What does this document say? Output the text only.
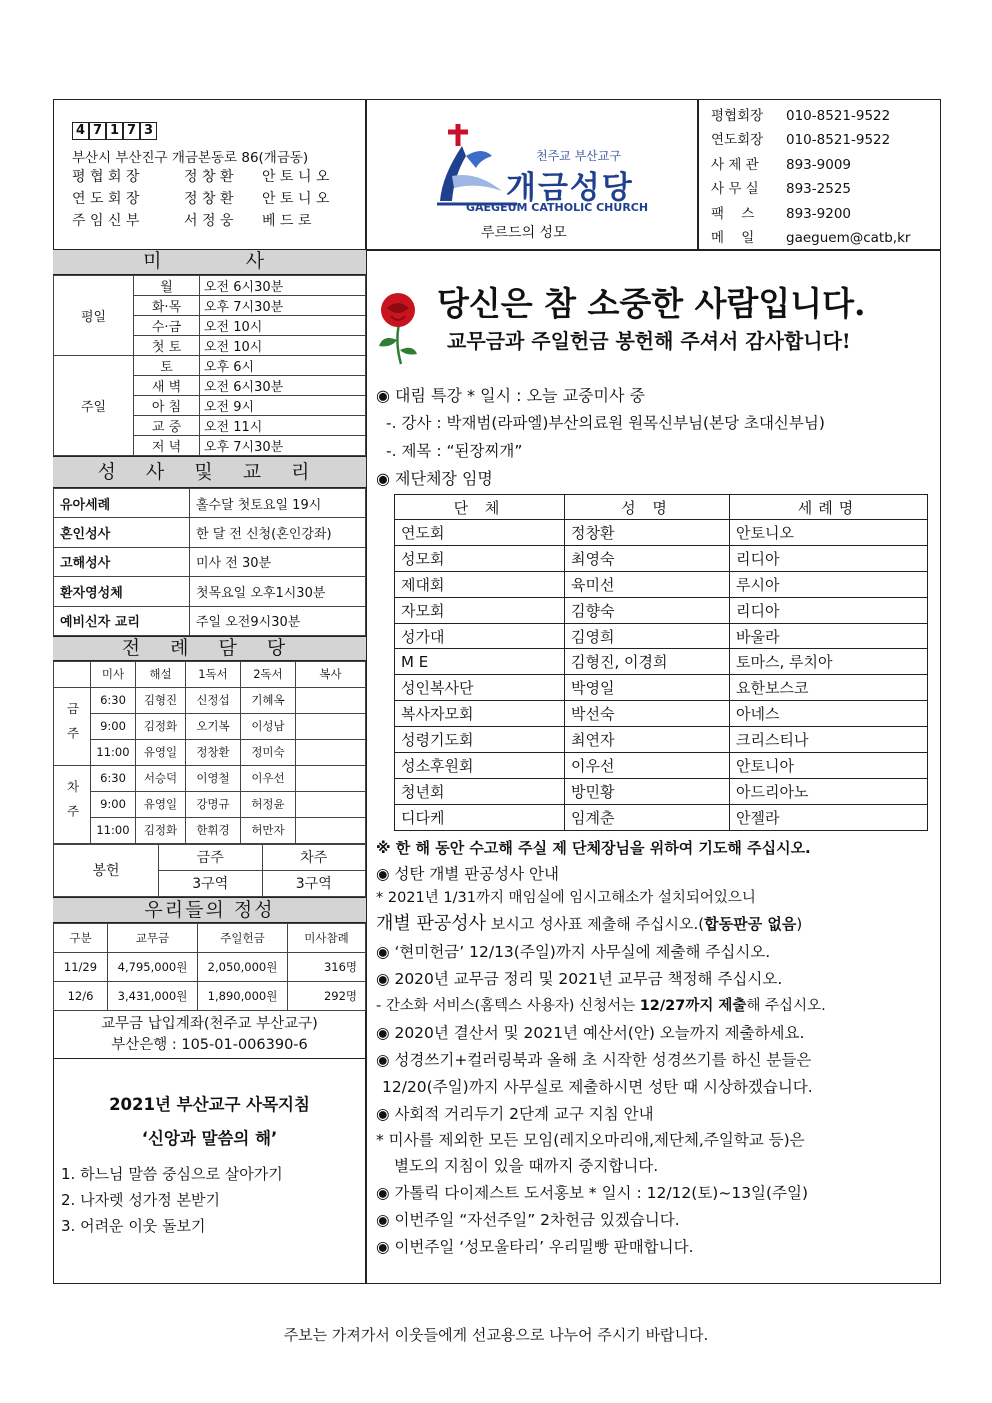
4 7 1 7 3
부산시 부산진구 개금본동로 86(개금동)
평 협 회 장	정 창 환	안 토 니 오
연 도 회 장	정 창 환	안 토 니 오
주 임 신 부	서 정 웅	베 드 로
천주교 부산교구
개금성당
GAEGEUM CATHOLIC CHURCH
루르드의 성모
평협회장	010-8521-9522
연도회장	010-8521-9522
사 제 관	893-9009
사 무 실	893-2525
팩    스	893-9200
메    일	gaeguem@catb,kr
미    사
평일	월	오전 6시30분
	화·목	오후 7시30분
	수·금	오전 10시
	첫 토	오전 10시
주일	토	오후 6시
	새 벽	오전 6시30분
	아 침	오전 9시
	교 중	오전 11시
	저 녁	오후 7시30분
성 사 및 교 리
유아세례	홀수달 첫토요일 19시
혼인성사	한 달 전 신청(혼인강좌)
고해성사	미사 전 30분
환자영성체	첫목요일 오후1시30분
예비신자 교리	주일 오전9시30분
전 례 담 당
	미사	해설	1독서	2독서	복사
금주	6:30	김형진	신정섭	기혜옥	
	9:00	김정화	오기복	이성남	
	11:00	유영일	정창환	정미숙	
차주	6:30	서승덕	이영철	이우선	
	9:00	유영일	강명규	허정윤	
	11:00	김정화	한휘경	허만자	
봉헌	금주	차주
	3구역	3구역
우리들의 정성
구분	교무금	주일헌금	미사참례
11/29	4,795,000원	2,050,000원	316명
12/6	3,431,000원	1,890,000원	292명
교무금 납입계좌(천주교 부산교구)
부산은행 : 105-01-006390-6
2021년 부산교구 사목지침
‘신앙과 말씀의 해’
1. 하느님 말씀 중심으로 살아가기
2. 나자렛 성가정 본받기
3. 어려운 이웃 돌보기
당신은 참 소중한 사람입니다.
교무금과 주일헌금 봉헌해 주셔서 감사합니다!
◉ 대림 특강 * 일시 : 오늘 교중미사 중
-. 강사 : 박재범(라파엘)부산의료원 원목신부님(본당 초대신부님)
-. 제목 : “된장찌개”
◉ 제단체장 임명
단 체	성 명	세례명
연도회	정창환	안토니오
성모회	최영숙	리디아
제대회	육미선	루시아
자모회	김향숙	리디아
성가대	김영희	바울라
M E	김형진, 이경희	토마스, 루치아
성인복사단	박영일	요한보스코
복사자모회	박선숙	아네스
성령기도회	최연자	크리스티나
성소후원회	이우선	안토니아
청년회	방민황	아드리아노
디다케	임계춘	안젤라
※ 한 해 동안 수고해 주실 제 단체장님을 위하여 기도해 주십시오.
◉ 성탄 개별 판공성사 안내
* 2021년 1/31까지 매임실에 임시고해소가 설치되어있으니
개별 판공성사 보시고 성사표 제출해 주십시오.(합동판공 없음)
◉ ‘현미헌금’ 12/13(주일)까지 사무실에 제출해 주십시오.
◉ 2020년 교무금 정리 및 2021년 교무금 책정해 주십시오.
- 간소화 서비스(홈텍스 사용자) 신청서는 12/27까지 제출해 주십시오.
◉ 2020년 결산서 및 2021년 예산서(안) 오늘까지 제출하세요.
◉ 성경쓰기+컬러링북과 올해 초 시작한 성경쓰기를 하신 분들은
12/20(주일)까지 사무실로 제출하시면 성탄 때 시상하겠습니다.
◉ 사회적 거리두기 2단계 교구 지침 안내
* 미사를 제외한 모든 모임(레지오마리애,제단체,주일학교 등)은
별도의 지침이 있을 때까지 중지합니다.
◉ 가톨릭 다이제스트 도서홍보 * 일시 : 12/12(토)~13일(주일)
◉ 이번주일 “자선주일” 2차헌금 있겠습니다.
◉ 이번주일 ‘성모울타리’ 우리밀빵 판매합니다.
주보는 가져가서 이웃들에게 선교용으로 나누어 주시기 바랍니다.
